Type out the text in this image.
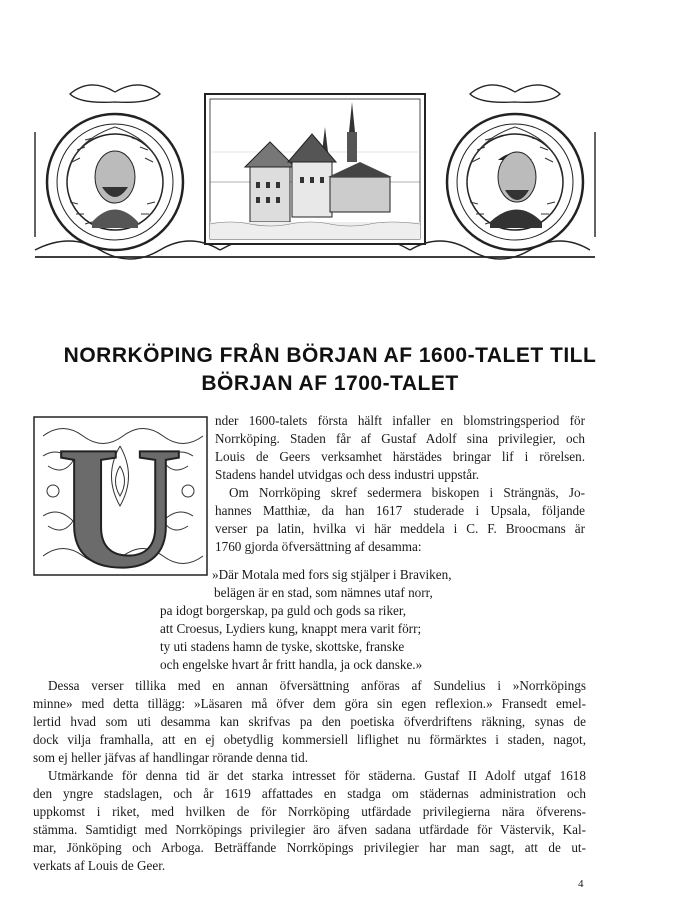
NORRKÖPING FRÅN BÖRJAN AF 1600-TALET TILL
BÖRJAN AF 1700-TALET
U nder 1600-talets första hälft infaller en blomstringsperiod för
Norrköping. Staden får af Gustaf Adolf sina privilegier, och
Louis de Geers verksamhet härstädes bringar lif i rörelsen.
Stadens handel utvidgas och dess industri uppstår.
Om Norrköping skref sedermera biskopen i Strängnäs, Jo-
hannes Matthiæ, da han 1617 studerade i Upsala, följande
verser pa latin, hvilka vi här meddela i C. F. Broocmans är
1760 gjorda öfversättning af desamma:
»Där Motala med fors sig stjälper i Braviken,
belägen är en stad, som nämnes utaf norr,
pa idogt borgerskap, pa guld och gods sa riker,
att Croesus, Lydiers kung, knappt mera varit förr;
ty uti stadens hamn de tyske, skottske, franske
och engelske hvart år fritt handla, ja ock danske.»
Dessa verser tillika med en annan öfversättning anföras af Sundelius i »Norrköpings
minne» med detta tillägg: »Läsaren må öfver dem göra sin egen reflexion.» Fransedt emel-
lertid hvad som uti desamma kan skrifvas pa den poetiska öfverdriftens räkning, synas de
dock vilja framhalla, att en ej obetydlig kommersiell liflighet nu förmärktes i staden, nagot,
som ej heller jäfvas af handlingar rörande denna tid.
Utmärkande för denna tid är det starka intresset för städerna. Gustaf II Adolf utgaf 1618
den yngre stadslagen, och år 1619 affattades en stadga om städernas administration och
uppkomst i riket, med hvilken de för Norrköping utfärdade privilegierna nära öfverens-
stämma. Samtidigt med Norrköpings privilegier äro äfven sadana utfärdade för Västervik, Kal-
mar, Jönköping och Arboga. Beträffande Norrköpings privilegier har man sagt, att de ut-
verkats af Louis de Geer.
4
